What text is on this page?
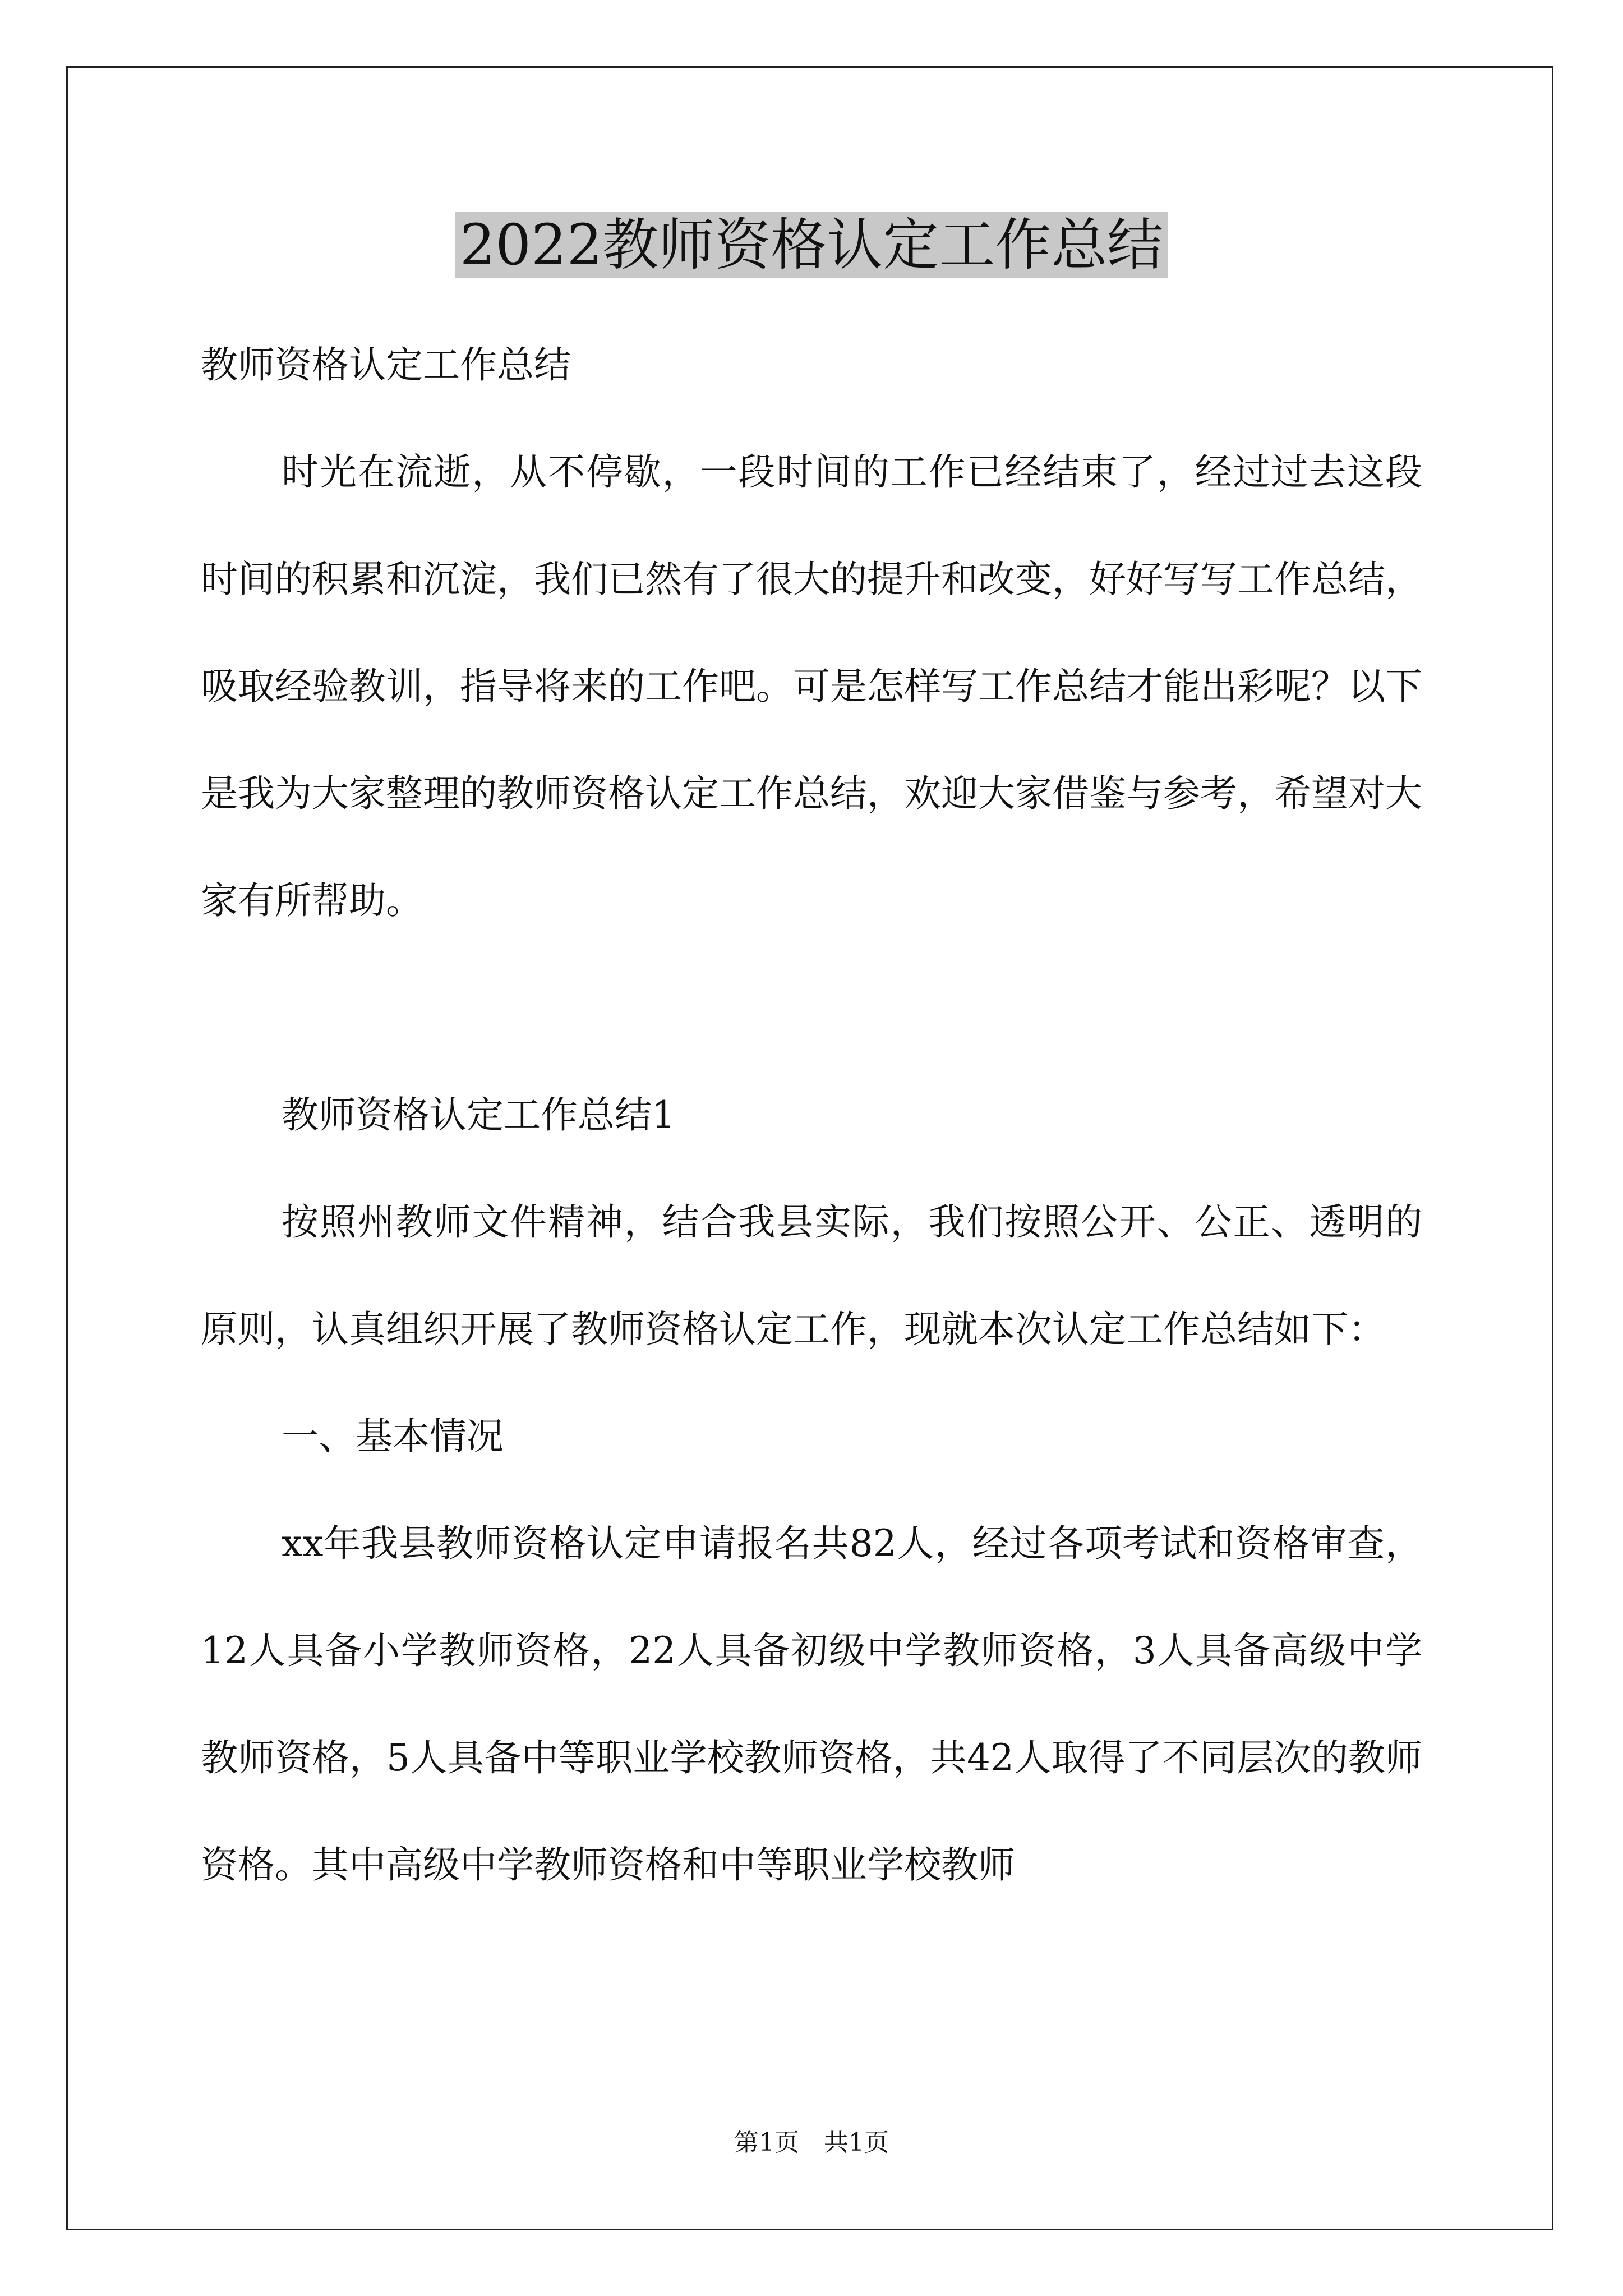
2022教师资格认定工作总结

教师资格认定工作总结

时光在流逝，从不停歇，一段时间的工作已经结束了，经过过去这段时间的积累和沉淀，我们已然有了很大的提升和改变，好好写写工作总结，吸取经验教训，指导将来的工作吧。可是怎样写工作总结才能出彩呢？以下是我为大家整理的教师资格认定工作总结，欢迎大家借鉴与参考，希望对大家有所帮助。

教师资格认定工作总结1

按照州教师文件精神，结合我县实际，我们按照公开、公正、透明的原则，认真组织开展了教师资格认定工作，现就本次认定工作总结如下：

一、基本情况

xx年我县教师资格认定申请报名共82人，经过各项考试和资格审查，12人具备小学教师资格，22人具备初级中学教师资格，3人具备高级中学教师资格，5人具备中等职业学校教师资格，共42人取得了不同层次的教师资格。其中高级中学教师资格和中等职业学校教师

第1页　共1页
